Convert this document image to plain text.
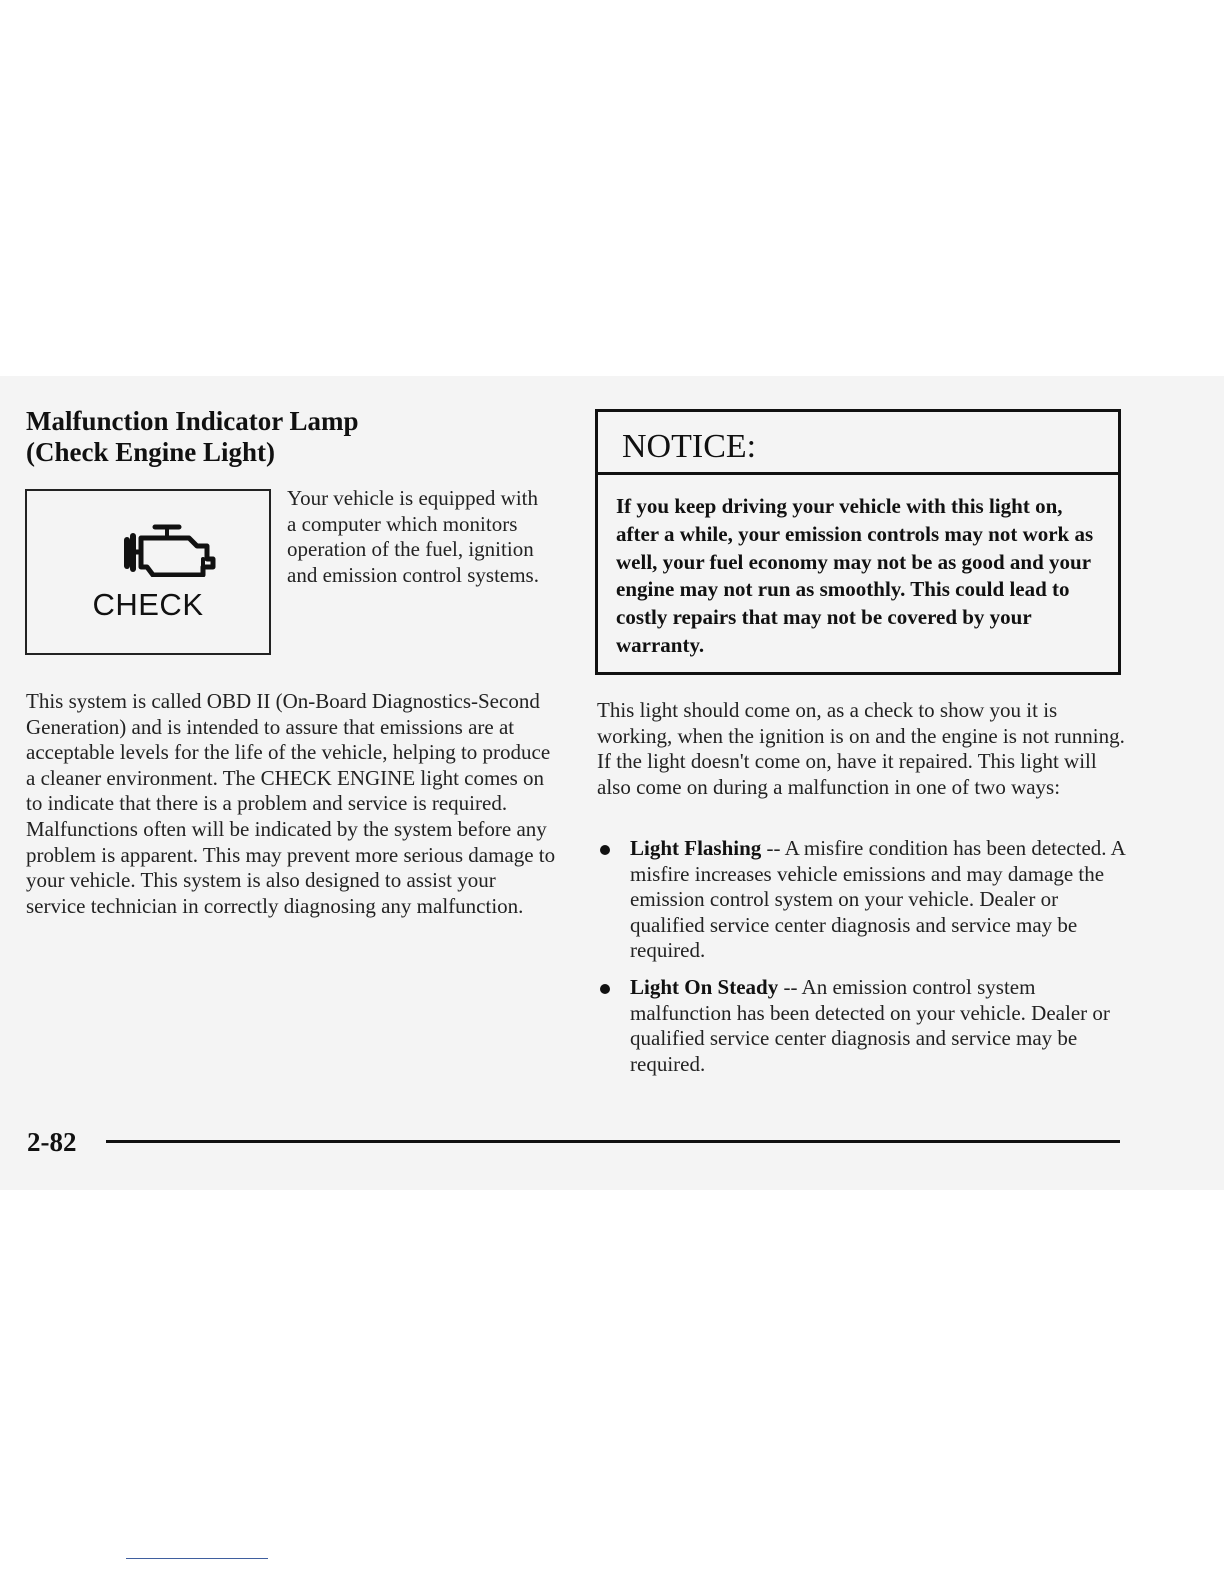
Malfunction Indicator Lamp
(Check Engine Light)
CHECK

Your vehicle is equipped with a computer which monitors operation of the fuel, ignition and emission control systems.

This system is called OBD II (On-Board Diagnostics-Second Generation) and is intended to assure that emissions are at acceptable levels for the life of the vehicle, helping to produce a cleaner environment. The CHECK ENGINE light comes on to indicate that there is a problem and service is required. Malfunctions often will be indicated by the system before any problem is apparent. This may prevent more serious damage to your vehicle. This system is also designed to assist your service technician in correctly diagnosing any malfunction.

NOTICE:

If you keep driving your vehicle with this light on, after a while, your emission controls may not work as well, your fuel economy may not be as good and your engine may not run as smoothly. This could lead to costly repairs that may not be covered by your warranty.

This light should come on, as a check to show you it is working, when the ignition is on and the engine is not running. If the light doesn't come on, have it repaired. This light will also come on during a malfunction in one of two ways:

Light Flashing -- A misfire condition has been detected. A misfire increases vehicle emissions and may damage the emission control system on your vehicle. Dealer or qualified service center diagnosis and service may be required.
Light On Steady -- An emission control system malfunction has been detected on your vehicle. Dealer or qualified service center diagnosis and service may be required.
2-82
